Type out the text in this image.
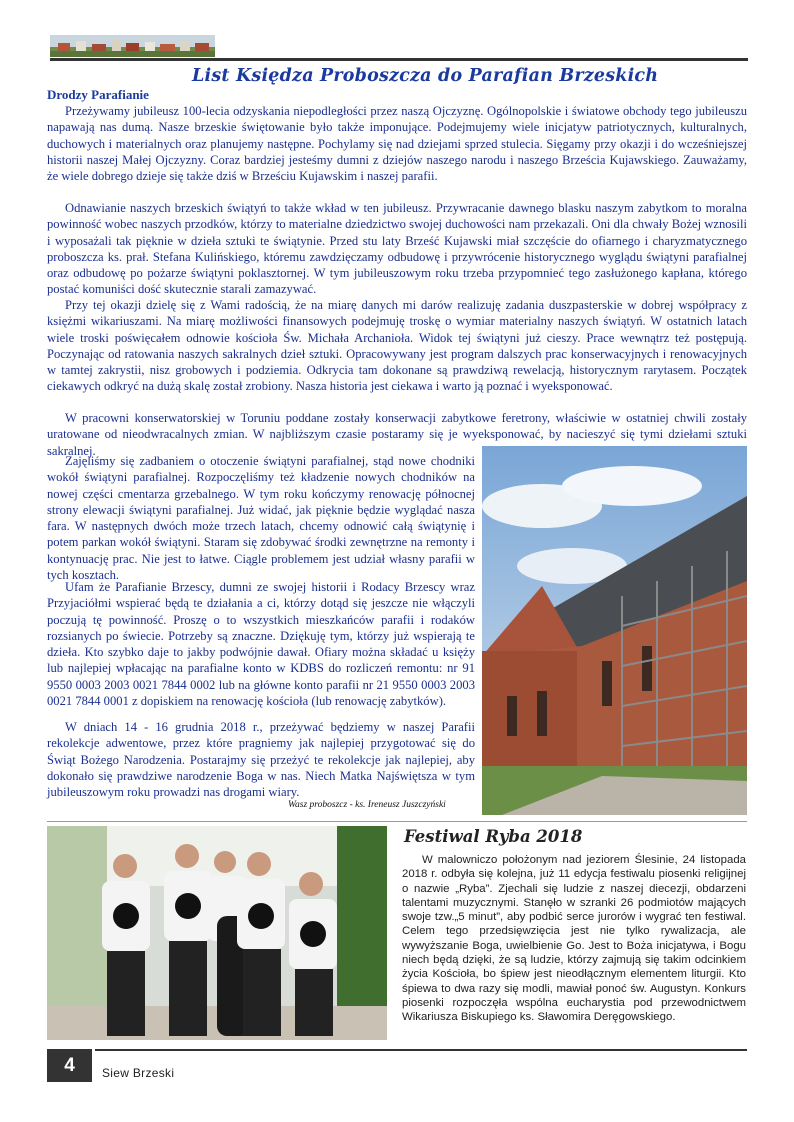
List Księdza Proboszcza do Parafian Brzeskich
Drodzy Parafianie

Przeżywamy jubileusz 100-lecia odzyskania niepodległości przez naszą Ojczyznę. Ogólnopolskie i światowe obchody tego jubileuszu napawają nas dumą. Nasze brzeskie świętowanie było także imponujące. Podejmujemy wiele inicjatyw patriotycznych, kulturalnych, duchowych i materialnych oraz planujemy następne. Pochylamy się nad dziejami sprzed stulecia. Sięgamy przy okazji i do wcześniejszej historii naszej Małej Ojczyzny. Coraz bardziej jesteśmy dumni z dziejów naszego narodu i naszego Brześcia Kujawskiego. Zauważamy, że wiele dobrego dzieje się także dziś w Brześciu Kujawskim i naszej parafii.

Odnawianie naszych brzeskich świątyń to także wkład w ten jubileusz. Przywracanie dawnego blasku naszym zabytkom to moralna powinność wobec naszych przodków, którzy to materialne dziedzictwo swojej duchowości nam przekazali. Oni dla chwały Bożej wznosili i wyposażali tak pięknie w dzieła sztuki te świątynie. Przed stu laty Brześć Kujawski miał szczęście do ofiarnego i charyzmatycznego proboszcza ks. prał. Stefana Kulińskiego, któremu zawdzięczamy odbudowę i przywrócenie historycznego wyglądu świątyni parafialnej oraz odbudowę po pożarze świątyni poklasztornej. W tym jubileuszowym roku trzeba przypomnieć tego zasłużonego kapłana, którego postać komuniści dość skutecznie starali zamazywać.

Przy tej okazji dzielę się z Wami radością, że na miarę danych mi darów realizuję zadania duszpasterskie w dobrej współpracy z księżmi wikariuszami. Na miarę możliwości finansowych podejmuję troskę o wymiar materialny naszych świątyń. W ostatnich latach wiele troski poświęcałem odnowie kościoła Św. Michała Archanioła. Widok tej świątyni już cieszy. Prace wewnątrz też postępują. Poczynając od ratowania naszych sakralnych dzieł sztuki. Opracowywany jest program dalszych prac konserwacyjnych i renowacyjnych w tamtej zakrystii, nisz grobowych i podziemia. Odkrycia tam dokonane są prawdziwą rewelacją, historycznym rarytasem. Początek ciekawych odkryć na dużą skalę został zrobiony. Nasza historia jest ciekawa i warto ją poznać i wyeksponować.

W pracowni konserwatorskiej w Toruniu poddane zostały konserwacji zabytkowe feretrony, właściwie w ostatniej chwili zostały uratowane od nieodwracalnych zmian. W najbliższym czasie postaramy się je wyeksponować, by nacieszyć się tymi dziełami sztuki sakralnej.

Zajęliśmy się zadbaniem o otoczenie świątyni parafialnej, stąd nowe chodniki wokół świątyni parafialnej. Rozpoczęliśmy też kładzenie nowych chodników na nowej części cmentarza grzebalnego. W tym roku kończymy renowację północnej strony elewacji świątyni parafialnej. Już widać, jak pięknie będzie wyglądać nasza fara. W następnych dwóch może trzech latach, chcemy odnowić całą świątynię i potem parkan wokół świątyni. Staram się zdobywać środki zewnętrzne na remonty i kontynuację prac. Nie jest to łatwe. Ciągle problemem jest udział własny parafii w tych kosztach.

Ufam że Parafianie Brzescy, dumni ze swojej historii i Rodacy Brzescy wraz Przyjaciółmi wspierać będą te działania a ci, którzy dotąd się jeszcze nie włączyli poczują tę powinność. Proszę o to wszystkich mieszkańców parafii i rodaków rozsianych po świecie. Potrzeby są znaczne. Dziękuję tym, którzy już wspierają te dzieła. Kto szybko daje to jakby podwójnie dawał. Ofiary można składać u księży lub najlepiej wpłacając na parafialne konto w KDBS do rozliczeń remontu: nr 91 9550 0003 2003 0021 7844 0002 lub na główne konto parafii nr 21 9550 0003 2003 0021 7844 0001 z dopiskiem na renowację kościoła (lub renowację zabytków).

W dniach 14 - 16 grudnia 2018 r., przeżywać będziemy w naszej Parafii rekolekcje adwentowe, przez które pragniemy jak najlepiej przygotować się do Świąt Bożego Narodzenia. Postarajmy się przeżyć te rekolekcje jak najlepiej, aby dokonało się prawdziwe narodzenie Boga w nas. Niech Matka Najświętsza w tym jubileuszowym roku prowadzi nas drogami wiary.

Wasz proboszcz - ks. Ireneusz Juszczyński
Festiwal Ryba 2018

W malowniczo położonym nad jeziorem Ślesinie, 24 listopada 2018 r. odbyła się kolejna, już 11 edycja festiwalu piosenki religijnej o nazwie „Ryba”. Zjechali się ludzie z naszej diecezji, obdarzeni talentami muzycznymi. Stanęło w szranki 26 podmiotów mających swoje tzw.„5 minut”, aby podbić serce jurorów i wygrać ten festiwal. Celem tego przedsięwzięcia jest nie tylko rywalizacja, ale wywyższanie Boga, uwielbienie Go. Jest to Boża inicjatywa, i Bogu niech będą dzięki, że są ludzie, którzy zajmują się takim odcinkiem życia Kościoła, bo śpiew jest nieodłącznym elementem liturgii. Kto śpiewa to dwa razy się modli, mawiał ponoć św. Augustyn. Konkurs piosenki rozpoczęła wspólna eucharystia pod przewodnictwem Wikariusza Biskupiego ks. Sławomira Deręgowskiego.

4	Siew Brzeski
